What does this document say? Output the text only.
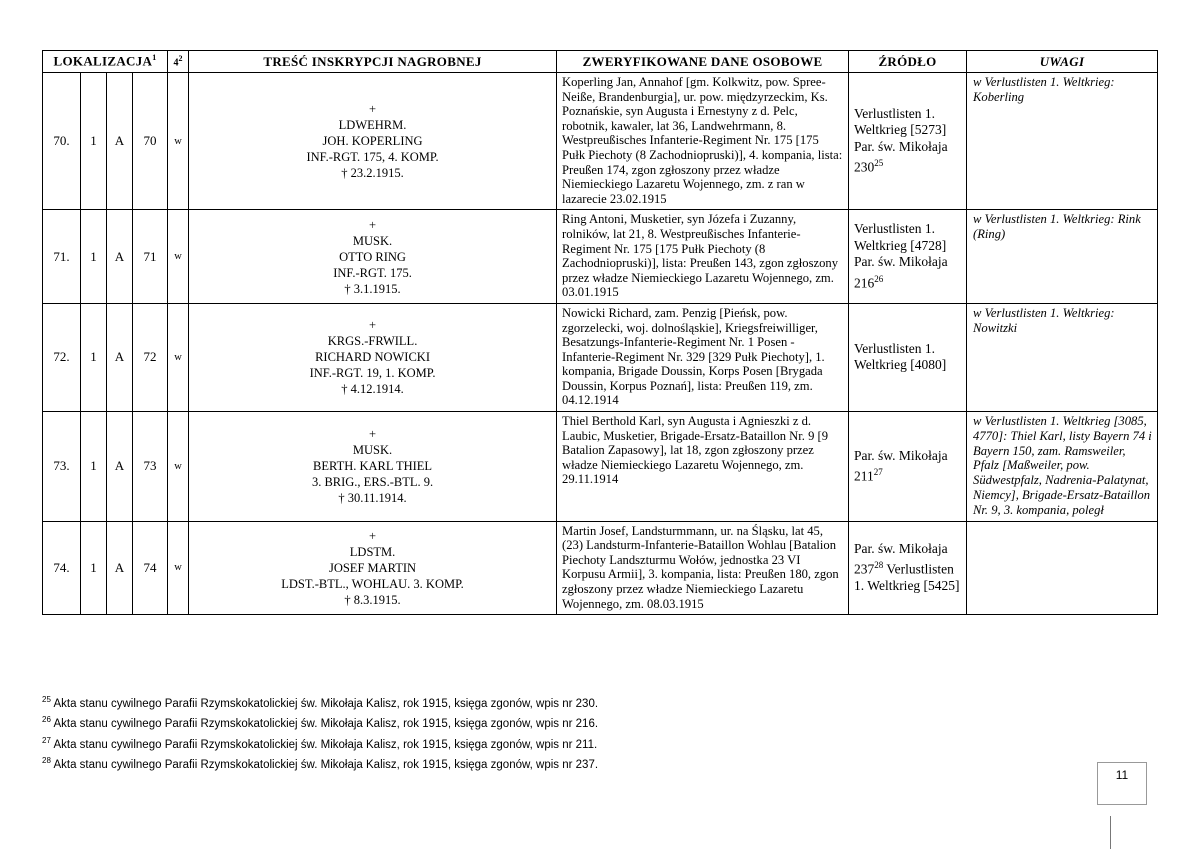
LOKALIZACJA$^1$				$4^2$	TREŚĆ INSKRYPCJI NAGROBNEJ	ZWERYFIKOWANE DANE OSOBOWE	ŹRÓDŁO	UWAGI
70.	1	A	70	w	
+
LDWEHRM.
JOH. KOPERLING
INF.-RGT. 175, 4. KOMP.
† 23.2.1915.
	Koperling Jan, Annahof [gm. Kolkwitz, pow. Spree-Neiße, Brandenburgia], ur. pow. międzyrzeckim, Ks. Poznańskie, syn Augusta i Ernestyny z d. Pelc, robotnik, kawaler, lat 36, Landwehrmann, 8. Westpreußisches Infanterie-Regiment Nr. 175 [175 Pułk Piechoty (8 Zachodniopruski)], 4. kompania, lista: Preußen 174, zgon zgłoszony przez władze Niemieckiego Lazaretu Wojennego, zm. z ran w lazarecie 23.02.1915	Verlustlisten 1. Weltkrieg [5273] Par. św. Mikołaja $230^{25}$	w Verlustlisten 1. Weltkrieg: Koberling
71.	1	A	71	w	
+
MUSK.
OTTO RING
INF.-RGT. 175.
† 3.1.1915.
	Ring Antoni, Musketier, syn Józefa i Zuzanny, rolników, lat 21, 8. Westpreußisches Infanterie-Regiment Nr. 175 [175 Pułk Piechoty (8 Zachodniopruski)], lista: Preußen 143, zgon zgłoszony przez władze Niemieckiego Lazaretu Wojennego, zm. 03.01.1915	Verlustlisten 1. Weltkrieg [4728] Par. św. Mikołaja $216^{26}$	w Verlustlisten 1. Weltkrieg: Rink (Ring)
72.	1	A	72	w	
+
KRGS.-FRWILL.
RICHARD NOWICKI
INF.-RGT. 19, 1. KOMP.
† 4.12.1914.
	Nowicki Richard, zam. Penzig [Pieńsk, pow. zgorzelecki, woj. dolnośląskie], Kriegsfreiwilliger, Besatzungs-Infanterie-Regiment Nr. 1 Posen - Infanterie-Regiment Nr. 329 [329 Pułk Piechoty], 1. kompania, Brigade Doussin, Korps Posen [Brygada Doussin, Korpus Poznań], lista: Preußen 119, zm. 04.12.1914	Verlustlisten 1. Weltkrieg [4080]	w Verlustlisten 1. Weltkrieg: Nowitzki
73.	1	A	73	w	
+
MUSK.
BERTH. KARL THIEL
3. BRIG., ERS.-BTL. 9.
† 30.11.1914.
	Thiel Berthold Karl, syn Augusta i Agnieszki z d. Laubic, Musketier, Brigade-Ersatz-Bataillon Nr. 9 [9 Batalion Zapasowy], lat 18, zgon zgłoszony przez władze Niemieckiego Lazaretu Wojennego, zm. 29.11.1914	Par. św. Mikołaja $211^{27}$	w Verlustlisten 1. Weltkrieg [3085, 4770]: Thiel Karl, listy Bayern 74 i Bayern 150, zam. Ramsweiler, Pfalz [Maßweiler, pow. Südwestpfalz, Nadrenia-Palatynat, Niemcy], Brigade-Ersatz-Bataillon Nr. 9, 3. kompania, poległ
74.	1	A	74	w	
+
LDSTM.
JOSEF MARTIN
LDST.-BTL., WOHLAU. 3. KOMP.
† 8.3.1915.
	Martin Josef, Landsturmmann, ur. na Śląsku, lat 45, (23) Landsturm-Infanterie-Bataillon Wohlau [Batalion Piechoty Landszturmu Wołów, jednostka 23 VI Korpusu Armii], 3. kompania, lista: Preußen 180, zgon zgłoszony przez władze Niemieckiego Lazaretu Wojennego, zm. 08.03.1915	Par. św. Mikołaja $237^{28}$ Verlustlisten 1. Weltkrieg [5425]	
$^{25}$ Akta stanu cywilnego Parafii Rzymskokatolickiej św. Mikołaja Kalisz, rok 1915, księga zgonów, wpis nr 230.
$^{26}$ Akta stanu cywilnego Parafii Rzymskokatolickiej św. Mikołaja Kalisz, rok 1915, księga zgonów, wpis nr 216.
$^{27}$ Akta stanu cywilnego Parafii Rzymskokatolickiej św. Mikołaja Kalisz, rok 1915, księga zgonów, wpis nr 211.
$^{28}$ Akta stanu cywilnego Parafii Rzymskokatolickiej św. Mikołaja Kalisz, rok 1915, księga zgonów, wpis nr 237.
11
